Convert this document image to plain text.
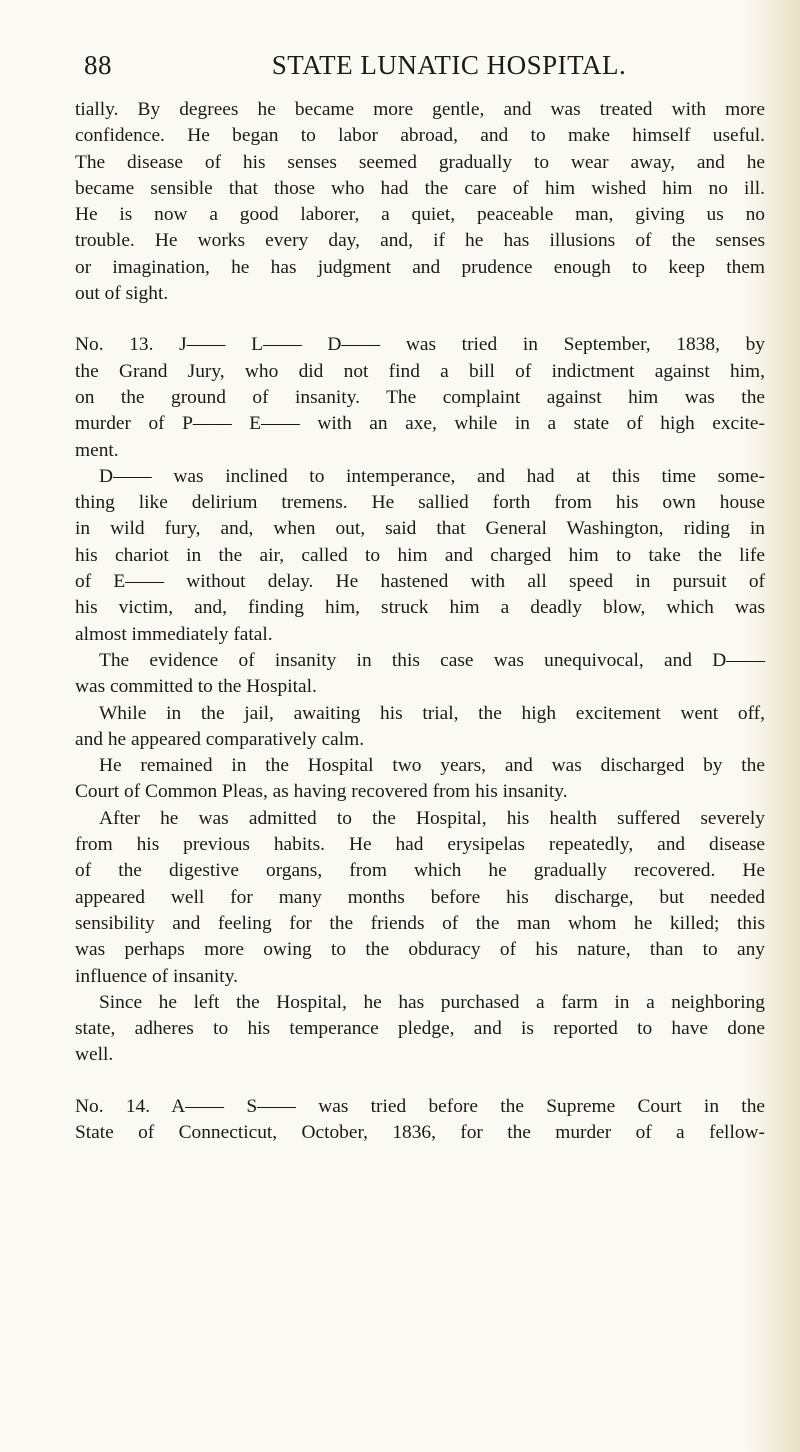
88	STATE LUNATIC HOSPITAL.
tially. By degrees he became more gentle, and was treated with more
confidence. He began to labor abroad, and to make himself useful.
The disease of his senses seemed gradually to wear away, and he
became sensible that those who had the care of him wished him no ill.
He is now a good laborer, a quiet, peaceable man, giving us no
trouble. He works every day, and, if he has illusions of the senses
or imagination, he has judgment and prudence enough to keep them
out of sight.
No. 13. J—— L—— D—— was tried in September, 1838, by
the Grand Jury, who did not find a bill of indictment against him,
on the ground of insanity. The complaint against him was the
murder of P—— E—— with an axe, while in a state of high excite-
ment.
D—— was inclined to intemperance, and had at this time some-
thing like delirium tremens. He sallied forth from his own house
in wild fury, and, when out, said that General Washington, riding in
his chariot in the air, called to him and charged him to take the life
of E—— without delay. He hastened with all speed in pursuit of
his victim, and, finding him, struck him a deadly blow, which was
almost immediately fatal.
The evidence of insanity in this case was unequivocal, and D——
was committed to the Hospital.
While in the jail, awaiting his trial, the high excitement went off,
and he appeared comparatively calm.
He remained in the Hospital two years, and was discharged by the
Court of Common Pleas, as having recovered from his insanity.
After he was admitted to the Hospital, his health suffered severely
from his previous habits. He had erysipelas repeatedly, and disease
of the digestive organs, from which he gradually recovered. He
appeared well for many months before his discharge, but needed
sensibility and feeling for the friends of the man whom he killed; this
was perhaps more owing to the obduracy of his nature, than to any
influence of insanity.
Since he left the Hospital, he has purchased a farm in a neighboring
state, adheres to his temperance pledge, and is reported to have done
well.
No. 14. A—— S—— was tried before the Supreme Court in the
State of Connecticut, October, 1836, for the murder of a fellow-
